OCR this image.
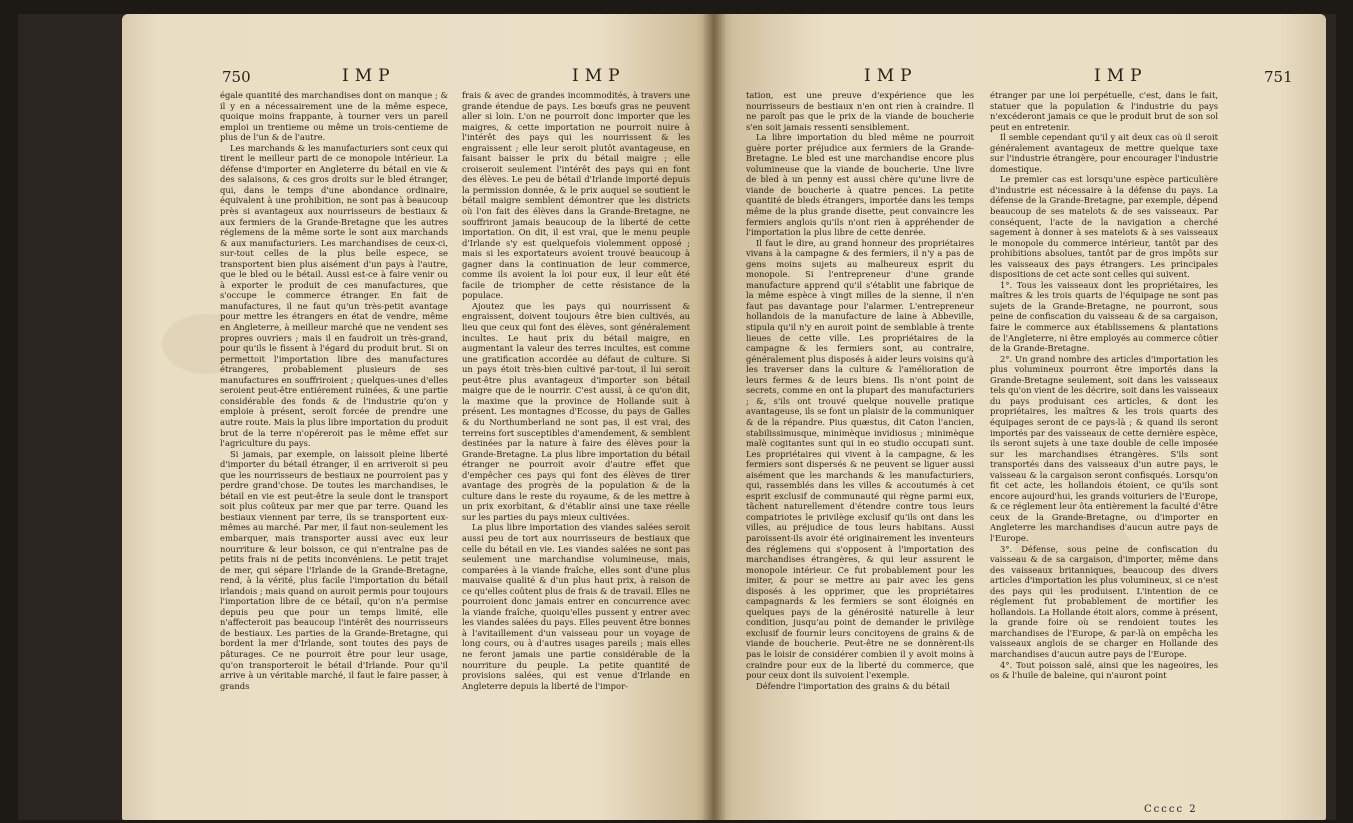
750	IMP	IMP

égale quantité des marchandises dont on manque ; & il y en a nécessairement une de la même espece, quoique moins frappante, à tourner vers un pareil emploi un trentieme ou même un trois-centieme de plus de l'un & de l'autre.

Les marchands & les manufacturiers sont ceux qui tirent le meilleur parti de ce monopole intérieur. La défense d'importer en Angleterre du bétail en vie & des salaisons, & ces gros droits sur le bled étranger, qui, dans le temps d'une abondance ordinaire, équivalent à une prohibition, ne sont pas à beaucoup près si avantageux aux nourrisseurs de bestiaux & aux fermiers de la Grande-Bretagne que les autres réglemens de la même sorte le sont aux marchands & aux manufacturiers. Les marchandises de ceux-ci, sur-tout celles de la plus belle espece, se transportent bien plus aisément d'un pays à l'autre, que le bled ou le bétail. Aussi est-ce à faire venir ou à exporter le produit de ces manufactures, que s'occupe le commerce étranger. En fait de manufactures, il ne faut qu'un très-petit avantage pour mettre les étrangers en état de vendre, même en Angleterre, à meilleur marché que ne vendent ses propres ouvriers ; mais il en faudroit un très-grand, pour qu'ils le fissent à l'égard du produit brut. Si on permettoit l'importation libre des manufactures étrangeres, probablement plusieurs de ses manufactures en souffriroient ; quelques-unes d'elles seroient peut-être entiérement ruinées, & une partie considérable des fonds & de l'industrie qu'on y emploie à présent, seroit forcée de prendre une autre route. Mais la plus libre importation du produit brut de la terre n'opéreroit pas le même effet sur l'agriculture du pays.

Si jamais, par exemple, on laissoit pleine liberté d'importer du bétail étranger, il en arriveroit si peu que les nourrisseurs de bestiaux ne pourroient pas y perdre grand'chose. De toutes les marchandises, le bétail en vie est peut-être la seule dont le transport soit plus coûteux par mer que par terre. Quand les bestiaux viennent par terre, ils se transportent eux-mêmes au marché. Par mer, il faut non-seulement les embarquer, mais transporter aussi avec eux leur nourriture & leur boisson, ce qui n'entraîne pas de petits frais ni de petits inconvéniens. Le petit trajet de mer, qui sépare l'Irlande de la Grande-Bretagne, rend, à la vérité, plus facile l'importation du bétail irlandois ; mais quand on auroit permis pour toujours l'importation libre de ce bétail, qu'on n'a permise depuis peu que pour un temps limité, elle n'affecteroit pas beaucoup l'intérêt des nourrisseurs de bestiaux. Les parties de la Grande-Bretagne, qui bordent la mer d'Irlande, sont toutes des pays de pâturages. Ce ne pourroit être pour leur usage, qu'on transporteroit le bétail d'Irlande. Pour qu'il arrive à un véritable marché, il faut le faire passer, à grands

frais & avec de grandes incommodités, à travers une grande étendue de pays. Les bœufs gras ne peuvent aller si loin. L'on ne pourroit donc importer que les maigres, & cette importation ne pourroit nuire à l'intérêt des pays qui les nourrissent & les engraissent ; elle leur seroit plutôt avantageuse, en faisant baisser le prix du bétail maigre ; elle croiseroit seulement l'intérêt des pays qui en font des élèves. Le peu de bétail d'Irlande importé depuis la permission donnée, & le prix auquel se soutient le bétail maigre semblent démontrer que les districts où l'on fait des élèves dans la Grande-Bretagne, ne souffriront jamais beaucoup de la liberté de cette importation. On dit, il est vrai, que le menu peuple d'Irlande s'y est quelquefois violemment opposé ; mais si les exportateurs avoient trouvé beaucoup à gagner dans la continuation de leur commerce, comme ils avoient la loi pour eux, il leur eût été facile de triompher de cette résistance de la populace.

Ajoutez que les pays qui nourrissent & engraissent, doivent toujours être bien cultivés, au lieu que ceux qui font des élèves, sont généralement incultes. Le haut prix du bétail maigre, en augmentant la valeur des terres incultes, est comme une gratification accordée au défaut de culture. Si un pays étoit très-bien cultivé par-tout, il lui seroit peut-être plus avantageux d'importer son bétail maigre que de le nourrir. C'est aussi, à ce qu'on dit, la maxime que la province de Hollande suit à présent. Les montagnes d'Ecosse, du pays de Galles & du Northumberland ne sont pas, il est vrai, des terreins fort susceptibles d'amendement, & semblent destinées par la nature à faire des élèves pour la Grande-Bretagne. La plus libre importation du bétail étranger ne pourroit avoir d'autre effet que d'empêcher ces pays qui font des élèves de tirer avantage des progrès de la population & de la culture dans le reste du royaume, & de les mettre à un prix exorbitant, & d'établir ainsi une taxe réelle sur les parties du pays mieux cultivées.

La plus libre importation des viandes salées seroit aussi peu de tort aux nourrisseurs de bestiaux que celle du bétail en vie. Les viandes salées ne sont pas seulement une marchandise volumineuse, mais, comparées à la viande fraîche, elles sont d'une plus mauvaise qualité & d'un plus haut prix, à raison de ce qu'elles coûtent plus de frais & de travail. Elles ne pourroient donc jamais entrer en concurrence avec la viande fraîche, quoiqu'elles pussent y entrer avec les viandes salées du pays. Elles peuvent être bonnes à l'avitaillement d'un vaisseau pour un voyage de long cours, ou à d'autres usages pareils ; mais elles ne feront jamais une partie considérable de la nourriture du peuple. La petite quantité de provisions salées, qui est venue d'Irlande en Angleterre depuis la liberté de l'impor-

IMP	IMP	751

tation, est une preuve d'expérience que les nourrisseurs de bestiaux n'en ont rien à craindre. Il ne paroît pas que le prix de la viande de boucherie s'en soit jamais ressenti sensiblement.

La libre importation du bled même ne pourroit guère porter préjudice aux fermiers de la Grande-Bretagne. Le bled est une marchandise encore plus volumineuse que la viande de boucherie. Une livre de bled à un penny est aussi chère qu'une livre de viande de boucherie à quatre pences. La petite quantité de bleds étrangers, importée dans les temps même de la plus grande disette, peut convaincre les fermiers anglois qu'ils n'ont rien à appréhender de l'importation la plus libre de cette denrée.

Il faut le dire, au grand honneur des propriétaires vivans à la campagne & des fermiers, il n'y a pas de gens moins sujets au malheureux esprit du monopole. Si l'entrepreneur d'une grande manufacture apprend qu'il s'établit une fabrique de la même espèce à vingt milles de la sienne, il n'en faut pas davantage pour l'alarmer. L'entrepreneur hollandois de la manufacture de laine à Abbeville, stipula qu'il n'y en auroit point de semblable à trente lieues de cette ville. Les propriétaires de la campagne & les fermiers sont, au contraire, généralement plus disposés à aider leurs voisins qu'à les traverser dans la culture & l'amélioration de leurs fermes & de leurs biens. Ils n'ont point de secrets, comme en ont la plupart des manufacturiers ; &, s'ils ont trouvé quelque nouvelle pratique avantageuse, ils se font un plaisir de la communiquer & de la répandre. Pius quæstus, dit Caton l'ancien, stabilissimusque, minimèque invidiosus ; minimèque malè cogitantes sunt qui in eo studio occupati sunt. Les propriétaires qui vivent à la campagne, & les fermiers sont dispersés & ne peuvent se liguer aussi aisément que les marchands & les manufacturiers, qui, rassemblés dans les villes & accoutumés à cet esprit exclusif de communauté qui règne parmi eux, tâchent naturellement d'étendre contre tous leurs compatriotes le privilège exclusif qu'ils ont dans les villes, au préjudice de tous leurs habitans. Aussi paroissent-ils avoir été originairement les inventeurs des réglemens qui s'opposent à l'importation des marchandises étrangères, & qui leur assurent le monopole intérieur. Ce fut probablement pour les imiter, & pour se mettre au pair avec les gens disposés à les opprimer, que les propriétaires campagnards & les fermiers se sont éloignés en quelques pays de la générosité naturelle à leur condition, jusqu'au point de demander le privilège exclusif de fournir leurs concitoyens de grains & de viande de boucherie. Peut-être ne se donnèrent-ils pas le loisir de considérer combien il y avoit moins à craindre pour eux de la liberté du commerce, que pour ceux dont ils suivoient l'exemple.

Défendre l'importation des grains & du bétail

étranger par une loi perpétuelle, c'est, dans le fait, statuer que la population & l'industrie du pays n'excéderont jamais ce que le produit brut de son sol peut en entretenir.

Il semble cependant qu'il y ait deux cas où il seroit généralement avantageux de mettre quelque taxe sur l'industrie étrangère, pour encourager l'industrie domestique.

Le premier cas est lorsqu'une espèce particulière d'industrie est nécessaire à la défense du pays. La défense de la Grande-Bretagne, par exemple, dépend beaucoup de ses matelots & de ses vaisseaux. Par conséquent, l'acte de la navigation a cherché sagement à donner à ses matelots & à ses vaisseaux le monopole du commerce intérieur, tantôt par des prohibitions absolues, tantôt par de gros impôts sur les vaisseaux des pays étrangers. Les principales dispositions de cet acte sont celles qui suivent.

1°. Tous les vaisseaux dont les propriétaires, les maîtres & les trois quarts de l'équipage ne sont pas sujets de la Grande-Bretagne, ne pourront, sous peine de confiscation du vaisseau & de sa cargaison, faire le commerce aux établissemens & plantations de l'Angleterre, ni être employés au commerce côtier de la Grande-Bretagne.

2°. Un grand nombre des articles d'importation les plus volumineux pourront être importés dans la Grande-Bretagne seulement, soit dans les vaisseaux tels qu'on vient de les décrire, soit dans les vaisseaux du pays produisant ces articles, & dont les propriétaires, les maîtres & les trois quarts des équipages seront de ce pays-là ; & quand ils seront importés par des vaisseaux de cette dernière espèce, ils seront sujets à une taxe double de celle imposée sur les marchandises étrangères. S'ils sont transportés dans des vaisseaux d'un autre pays, le vaisseau & la cargaison seront confisqués. Lorsqu'on fit cet acte, les hollandois étoient, ce qu'ils sont encore aujourd'hui, les grands voituriers de l'Europe, & ce réglement leur ôta entièrement la faculté d'être ceux de la Grande-Bretagne, ou d'importer en Angleterre les marchandises d'aucun autre pays de l'Europe.

3°. Défense, sous peine de confiscation du vaisseau & de sa cargaison, d'importer, même dans des vaisseaux britanniques, beaucoup des divers articles d'importation les plus volumineux, si ce n'est des pays qui les produisent. L'intention de ce réglement fut probablement de mortifier les hollandois. La Hollande étoit alors, comme à présent, la grande foire où se rendoient toutes les marchandises de l'Europe, & par-là on empêcha les vaisseaux anglois de se charger en Hollande des marchandises d'aucun autre pays de l'Europe.

4°. Tout poisson salé, ainsi que les nageoires, les os & l'huile de baleine, qui n'auront point

Ccccc 2
